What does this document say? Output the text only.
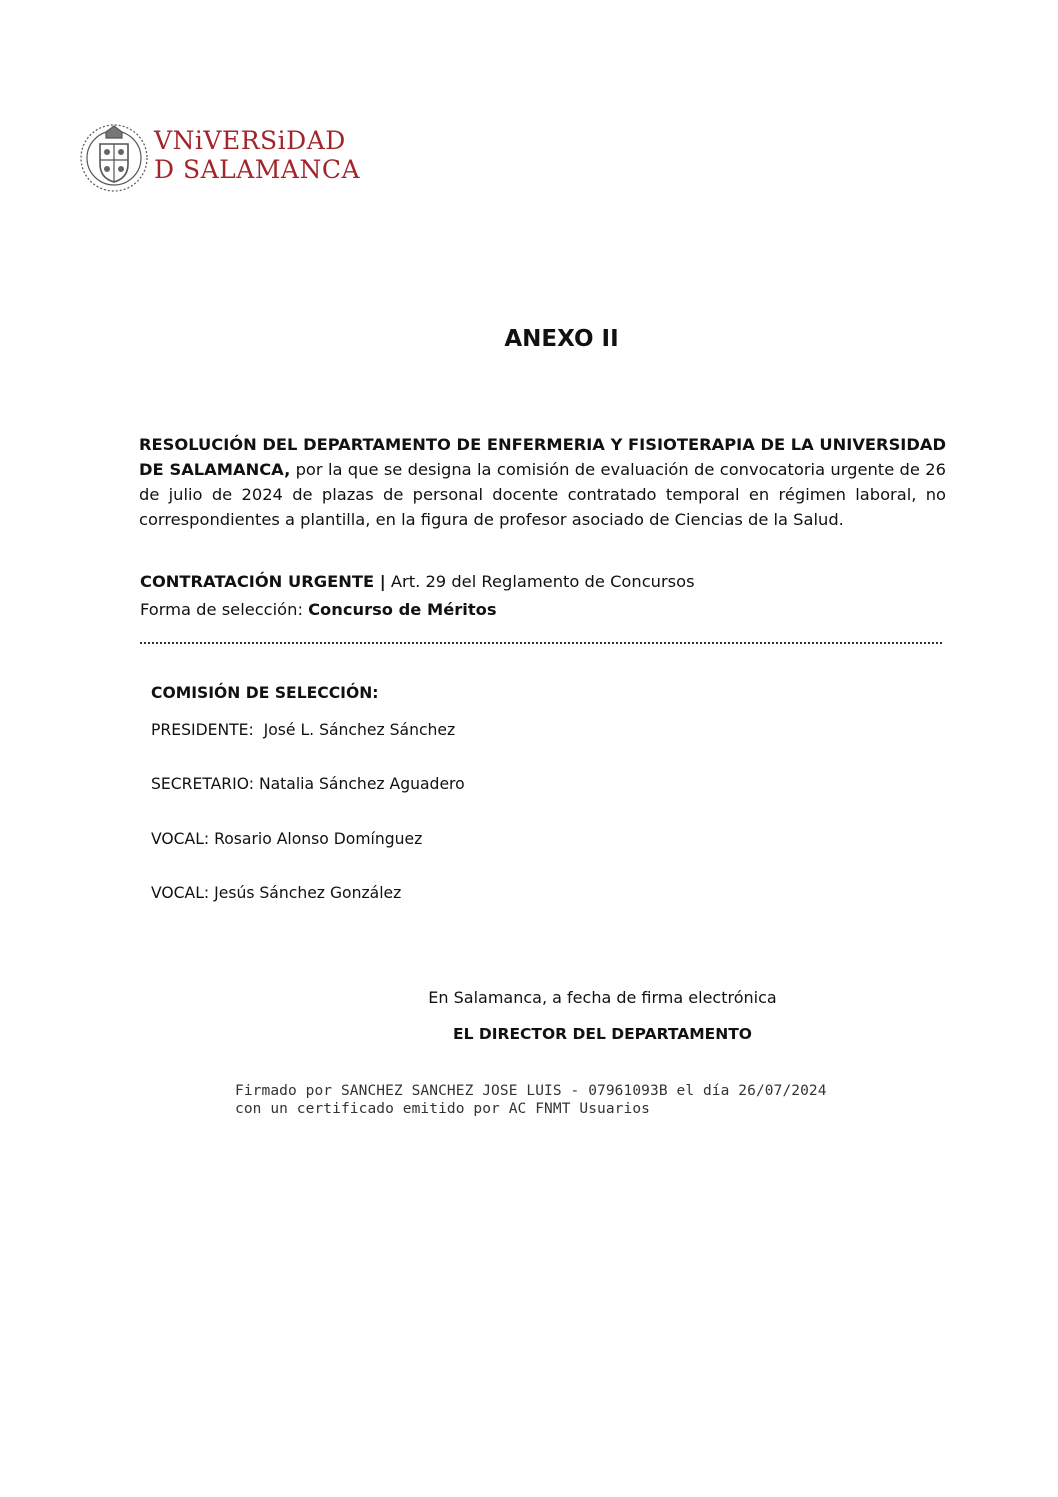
VNiVERSiDAD
D SALAMANCA
ANEXO II

RESOLUCIÓN DEL DEPARTAMENTO DE ENFERMERIA Y FISIOTERAPIA DE LA UNIVERSIDAD DE SALAMANCA, por la que se designa la comisión de evaluación de convocatoria urgente de 26 de julio de 2024 de plazas de personal docente contratado temporal en régimen laboral, no correspondientes a plantilla, en la figura de profesor asociado de Ciencias de la Salud.

CONTRATACIÓN URGENTE | Art. 29 del Reglamento de Concursos
Forma de selección: Concurso de Méritos
COMISIÓN DE SELECCIÓN:
PRESIDENTE:  José L. Sánchez Sánchez
SECRETARIO: Natalia Sánchez Aguadero
VOCAL: Rosario Alonso Domínguez
VOCAL: Jesús Sánchez González
En Salamanca, a fecha de firma electrónica
EL DIRECTOR DEL DEPARTAMENTO
Firmado por SANCHEZ SANCHEZ JOSE LUIS - 07961093B el día 26/07/2024
con un certificado emitido por AC FNMT Usuarios
